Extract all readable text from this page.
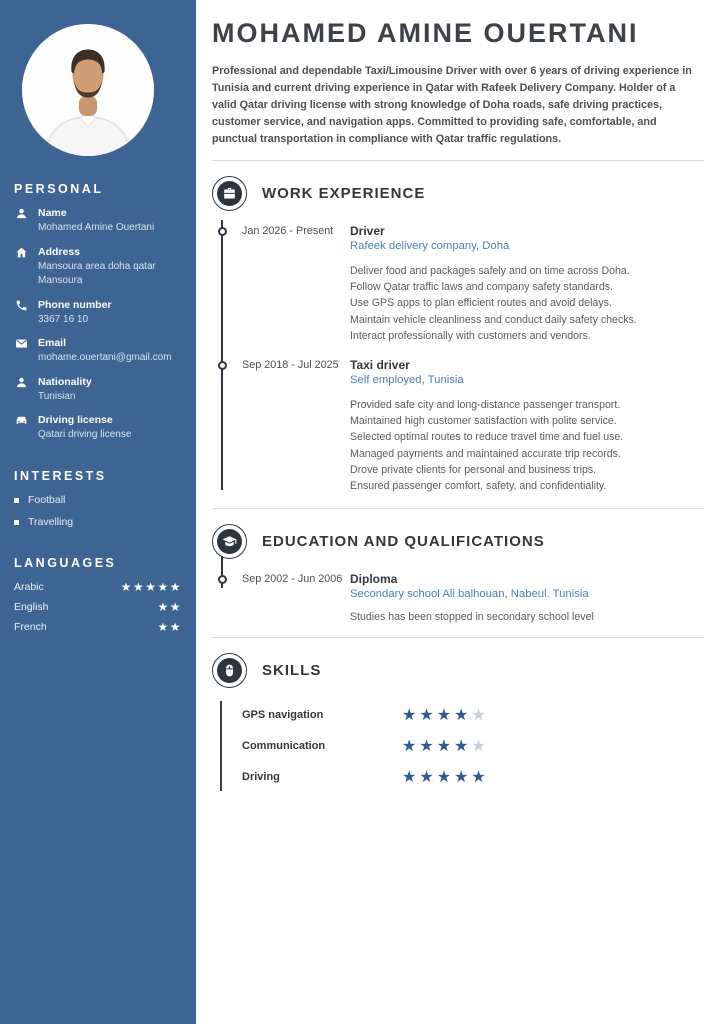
PERSONAL
Name
Mohamed Amine Ouertani
Address
Mansoura area doha qatar
Mansoura
Phone number
3367 16 10
Email
mohame.ouertani@gmail.com
Nationality
Tunisian
Driving license
Qatari driving license
INTERESTS
Football
Travelling
LANGUAGES
Arabic	★★★★★
English	★★
French	★★
MOHAMED AMINE OUERTANI

Professional and dependable Taxi/Limousine Driver with over 6 years of driving experience in Tunisia and current driving experience in Qatar with Rafeek Delivery Company. Holder of a valid Qatar driving license with strong knowledge of Doha roads, safe driving practices, customer service, and navigation apps. Committed to providing safe, comfortable, and punctual transportation in compliance with Qatar traffic regulations.

WORK EXPERIENCE
Jan 2026 - Present	Driver
Rafeek delivery company, Doha
Deliver food and packages safely and on time across Doha.
Follow Qatar traffic laws and company safety standards.
Use GPS apps to plan efficient routes and avoid delays.
Maintain vehicle cleanliness and conduct daily safety checks.
Interact professionally with customers and vendors.
Sep 2018 - Jul 2025 Taxi driver
Self employed, Tunisia
Provided safe city and long-distance passenger transport.
Maintained high customer satisfaction with polite service.
Selected optimal routes to reduce travel time and fuel use.
Managed payments and maintained accurate trip records.
Drove private clients for personal and business trips.
Ensured passenger comfort, safety, and confidentiality.
EDUCATION AND QUALIFICATIONS
Sep 2002 - Jun 2006 Diploma
Secondary school Ali balhouan, Nabeul. Tunisia
Studies has been stopped in secondary school level
SKILLS
GPS navigation	★★★★★
Communication	★★★★★
Driving	★★★★★
